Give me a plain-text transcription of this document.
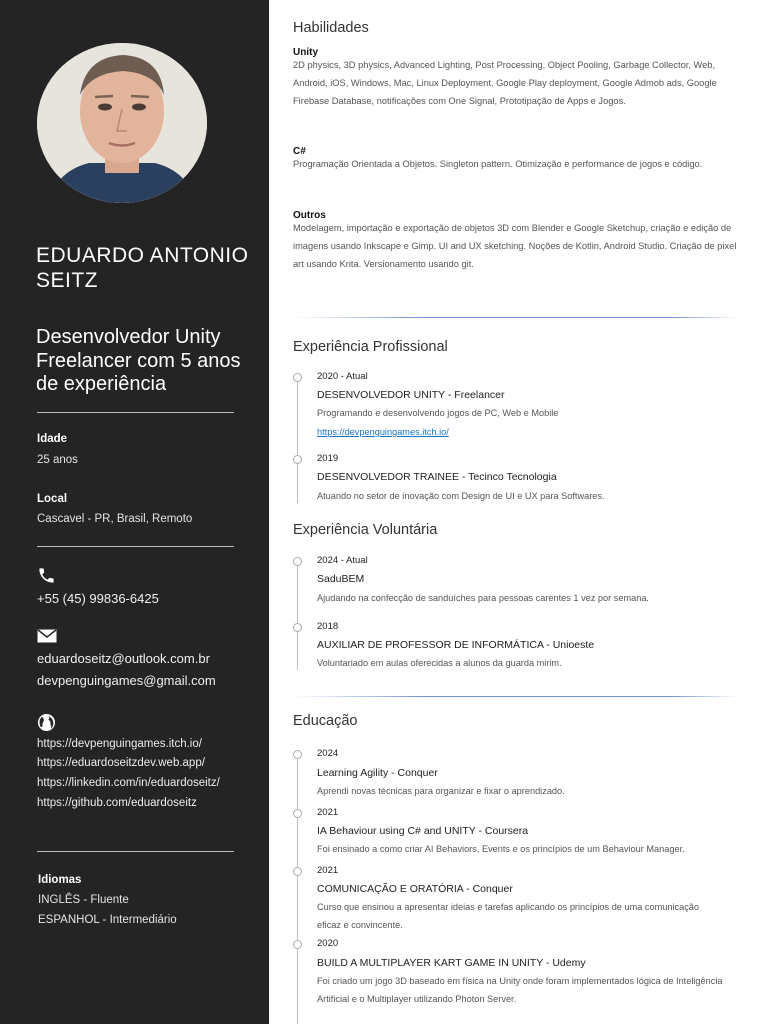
EDUARDO ANTONIO SEITZ
Desenvolvedor Unity Freelancer com 5 anos de experiência
Idade
25 anos
Local
Cascavel - PR, Brasil, Remoto
+55 (45) 99836-6425
eduardoseitz@outlook.com.br
devpenguingames@gmail.com
https://devpenguingames.itch.io/
https://eduardoseitzdev.web.app/
https://linkedin.com/in/eduardoseitz/
https://github.com/eduardoseitz
Idiomas
INGLÊS - Fluente
ESPANHOL - Intermediário
Habilidades
Unity
2D physics, 3D physics, Advanced Lighting, Post Processing, Object Pooling, Garbage Collector, Web, Android, iOS, Windows, Mac, Linux Deployment, Google Play deployment, Google Admob ads, Google Firebase Database, notificações com One Signal, Prototipação de Apps e Jogos.
C#
Programação Orientada a Objetos. Singleton pattern. Otimização e performance de jogos e código.
Outros
Modelagem, importação e exportação de objetos 3D com Blender e Google Sketchup, criação e edição de imagens usando Inkscape e Gimp. UI and UX sketching. Noções de Kotlin, Android Studio. Criação de pixel art usando Krita. Versionamento usando git.
Experiência Profissional
2020 - Atual
DESENVOLVEDOR UNITY - Freelancer
Programando e desenvolvendo jogos de PC, Web e Mobile
https://devpenguingames.itch.io/
2019
DESENVOLVEDOR TRAINEE - Tecinco Tecnologia
Atuando no setor de inovação com Design de UI e UX para Softwares.
Experiência Voluntária
2024 - Atual
SaduBEM
Ajudando na confecção de sanduíches para pessoas carentes 1 vez por semana.
2018
AUXILIAR DE PROFESSOR DE INFORMÁTICA - Unioeste
Voluntariado em aulas oferecidas a alunos da guarda mirim.
Educação
2024
Learning Agility - Conquer
Aprendi novas técnicas para organizar e fixar o aprendizado.
2021
IA Behaviour using C# and UNITY - Coursera
Foi ensinado a como criar AI Behaviors, Events e os princípios de um Behaviour Manager.
2021
COMUNICAÇÃO E ORATÓRIA - Conquer
Curso que ensinou a apresentar ideias e tarefas aplicando os princípios de uma comunicação eficaz e convincente.
2020
BUILD A MULTIPLAYER KART GAME IN UNITY - Udemy
Foi criado um jogo 3D baseado em física na Unity onde foram implementados lógica de Inteligência Artificial e o Multiplayer utilizando Photon Server.
